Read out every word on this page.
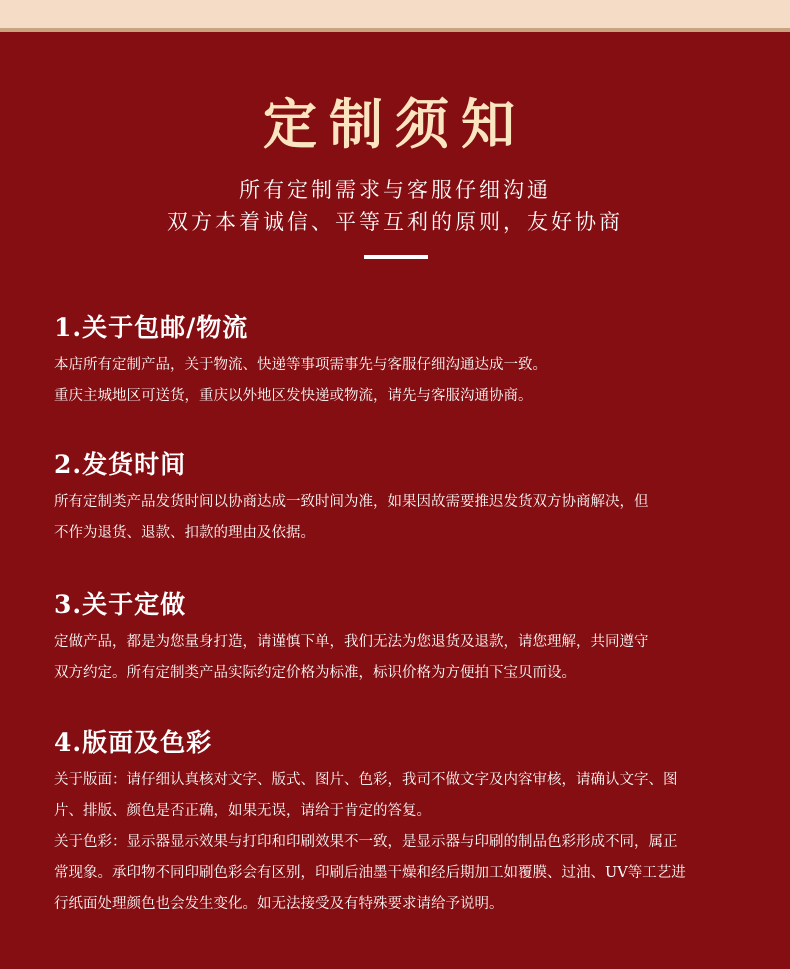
定制须知
所有定制需求与客服仔细沟通
双方本着诚信、平等互利的原则，友好协商

1.关于包邮/物流

本店所有定制产品，关于物流、快递等事项需事先与客服仔细沟通达成一致。

重庆主城地区可送货，重庆以外地区发快递或物流，请先与客服沟通协商。

2.发货时间

所有定制类产品发货时间以协商达成一致时间为准，如果因故需要推迟发货双方协商解决，但

不作为退货、退款、扣款的理由及依据。

3.关于定做

定做产品，都是为您量身打造，请谨慎下单，我们无法为您退货及退款，请您理解，共同遵守

双方约定。所有定制类产品实际约定价格为标准，标识价格为方便拍下宝贝而设。

4.版面及色彩

关于版面：请仔细认真核对文字、版式、图片、色彩，我司不做文字及内容审核，请确认文字、图

片、排版、颜色是否正确，如果无误，请给于肯定的答复。

关于色彩：显示器显示效果与打印和印刷效果不一致，是显示器与印刷的制品色彩形成不同，属正

常现象。承印物不同印刷色彩会有区别，印刷后油墨干燥和经后期加工如覆膜、过油、UV等工艺进

行纸面处理颜色也会发生变化。如无法接受及有特殊要求请给予说明。
